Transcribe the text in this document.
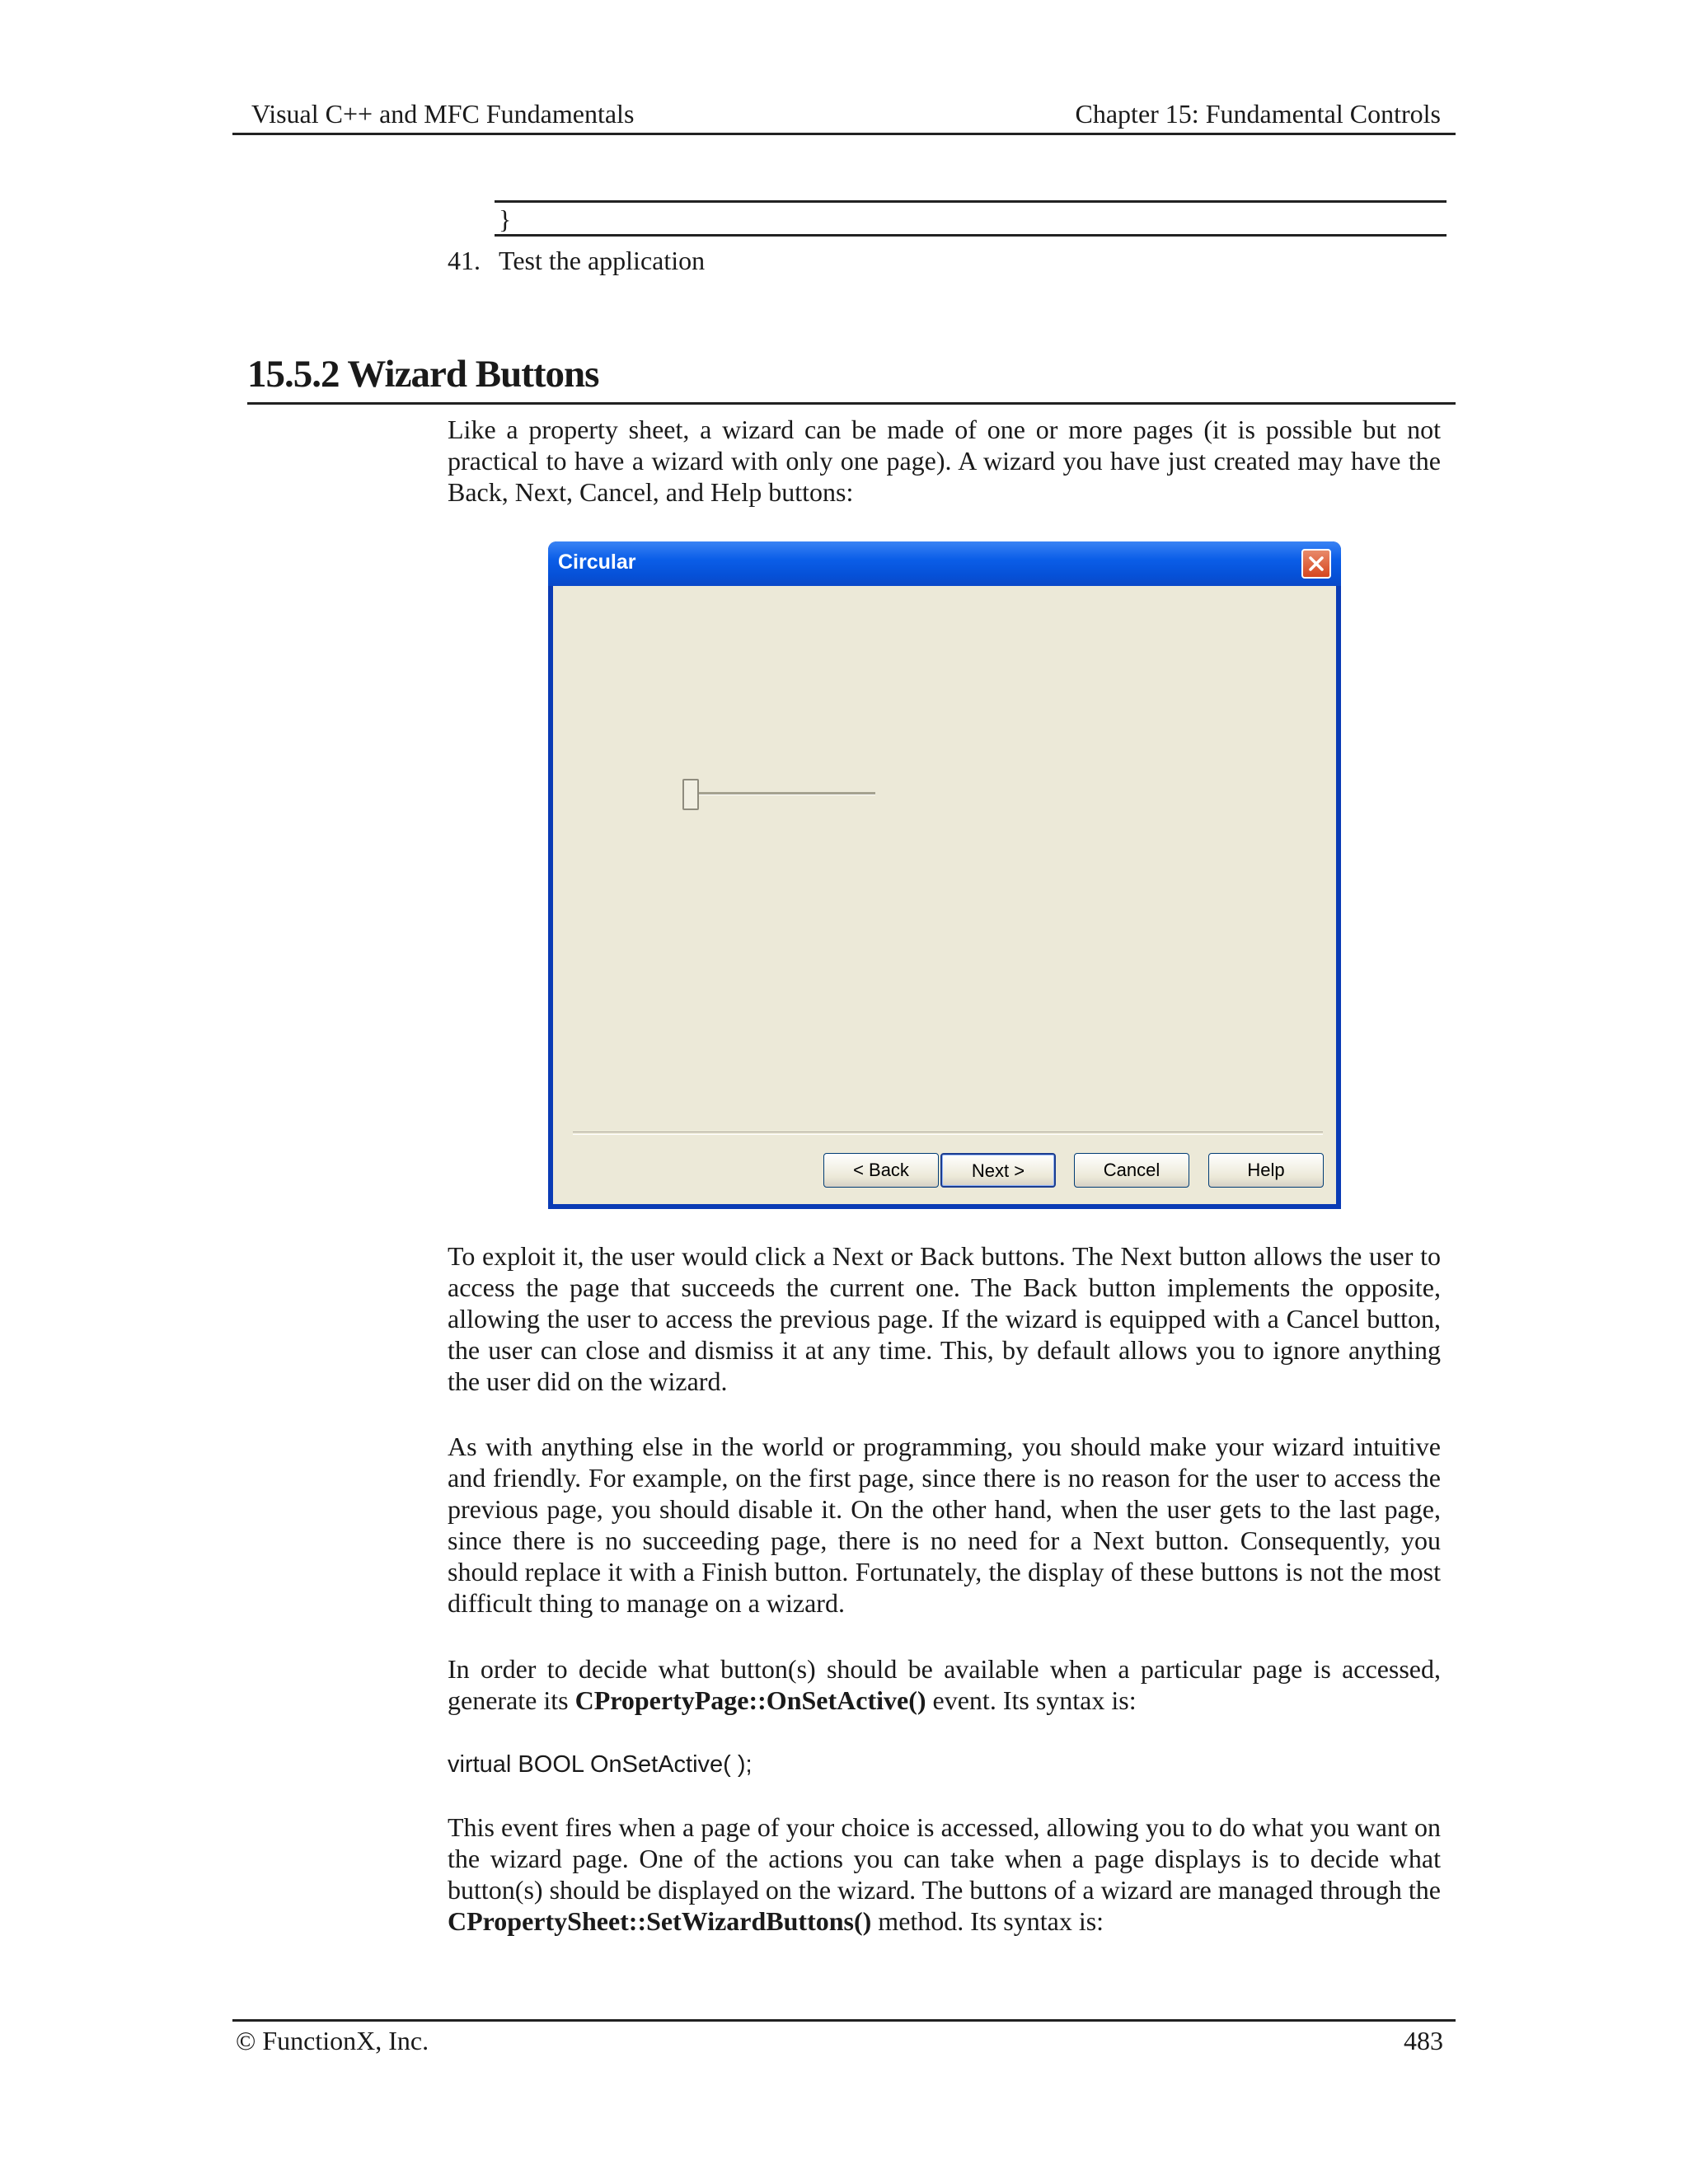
Visual C++ and MFC Fundamentals	Chapter 15: Fundamental Controls
}
41. Test the application
15.5.2 Wizard Buttons
Like a property sheet, a wizard can be made of one or more pages (it is possible but not practical to have a wizard with only one page). A wizard you have just created may have the Back, Next, Cancel, and Help buttons:
Circular
< Back	Next >	Cancel	Help
To exploit it, the user would click a Next or Back buttons. The Next button allows the user to access the page that succeeds the current one. The Back button implements the opposite, allowing the user to access the previous page. If the wizard is equipped with a Cancel button, the user can close and dismiss it at any time. This, by default allows you to ignore anything the user did on the wizard.
As with anything else in the world or programming, you should make your wizard intuitive and friendly. For example, on the first page, since there is no reason for the user to access the previous page, you should disable it. On the other hand, when the user gets to the last page, since there is no succeeding page, there is no need for a Next button. Consequently, you should replace it with a Finish button. Fortunately, the display of these buttons is not the most difficult thing to manage on a wizard.
In order to decide what button(s) should be available when a particular page is accessed, generate its CPropertyPage::OnSetActive() event. Its syntax is:
virtual BOOL OnSetActive( );
This event fires when a page of your choice is accessed, allowing you to do what you want on the wizard page. One of the actions you can take when a page displays is to decide what button(s) should be displayed on the wizard. The buttons of a wizard are managed through the CPropertySheet::SetWizardButtons() method. Its syntax is:
© FunctionX, Inc.	483
